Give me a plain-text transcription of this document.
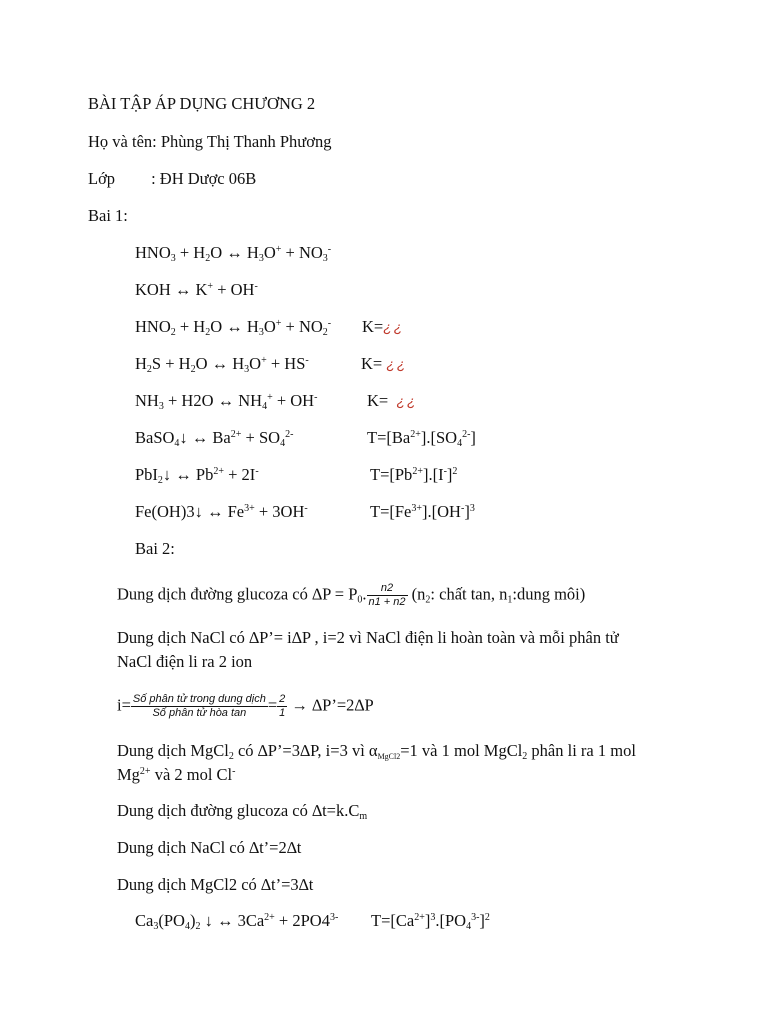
BÀI TẬP ÁP DỤNG CHƯƠNG 2
Họ và tên: Phùng Thị Thanh Phương
Lớp : ĐH Dược 06B
Bai 1:
$HNO_3 + H_2O$ ↔ $H_3O^+ + NO_3^-$
KOH ↔ K+ + OH-
$HNO_2 + H_2O$ ↔ $H_3O^+ + NO_2^-$ K=¿¿
$H_2S + H_2O$ ↔ $H_3O^+ + HS^-$	K= ¿¿
$NH_3 + H2O$ ↔ $NH_4^+ + OH^-$	K= ¿¿
BaSO$_4$↓ ↔ $Ba^{2+} + SO_4^{2-}$	$T=[Ba^{2+}].[SO_4^{2-}]$
PbI$_2$↓ ↔ $Pb^{2+} + 2I^-$	$T=[Pb^{2+}].[I^-]^2$
Fe(OH)3↓ ↔ $Fe^{3+} + 3OH^-$	$T=[Fe^{3+}].[OH^-]^3$
Bai 2:
Dung dịch đường glucoza có $\Delta P = P_0$. $\frac{n2}{n1 + n2} (n_2$: chất tan, $n_1:dung$ môi)
Dung dịch NaCl có ∆P’= i∆P , i=2 vì NaCl điện li hoàn toàn và mỗi phân tử
NaCl điện li ra 2 ion
$i= \frac{\text{Số phân tử trong dung dịch}}{\text{Số phân tử hòa tan}} = \frac{2}{1}$ → ∆P’=2∆P
Dung dịch MgCl$_2$ có ∆P’=3∆P, i=3 vì $\alpha_{MgCl2}=1$ và 1 mol MgCl$_2$ phân li ra 1 mol
$Mg^{2+}$ và 2 mol Cl-
Dung dịch đường glucoza có $\Delta t=k.C_m$
Dung dịch NaCl có ∆t’=2∆t
Dung dịch MgCl2 có ∆t’=3∆t
$Ca_3(PO_4)_2$ ↓ ↔ $3Ca^{2+} + 2PO4^{3-}$ $T=[Ca^{2+}]^3.[PO_4^{3-}]^2$
